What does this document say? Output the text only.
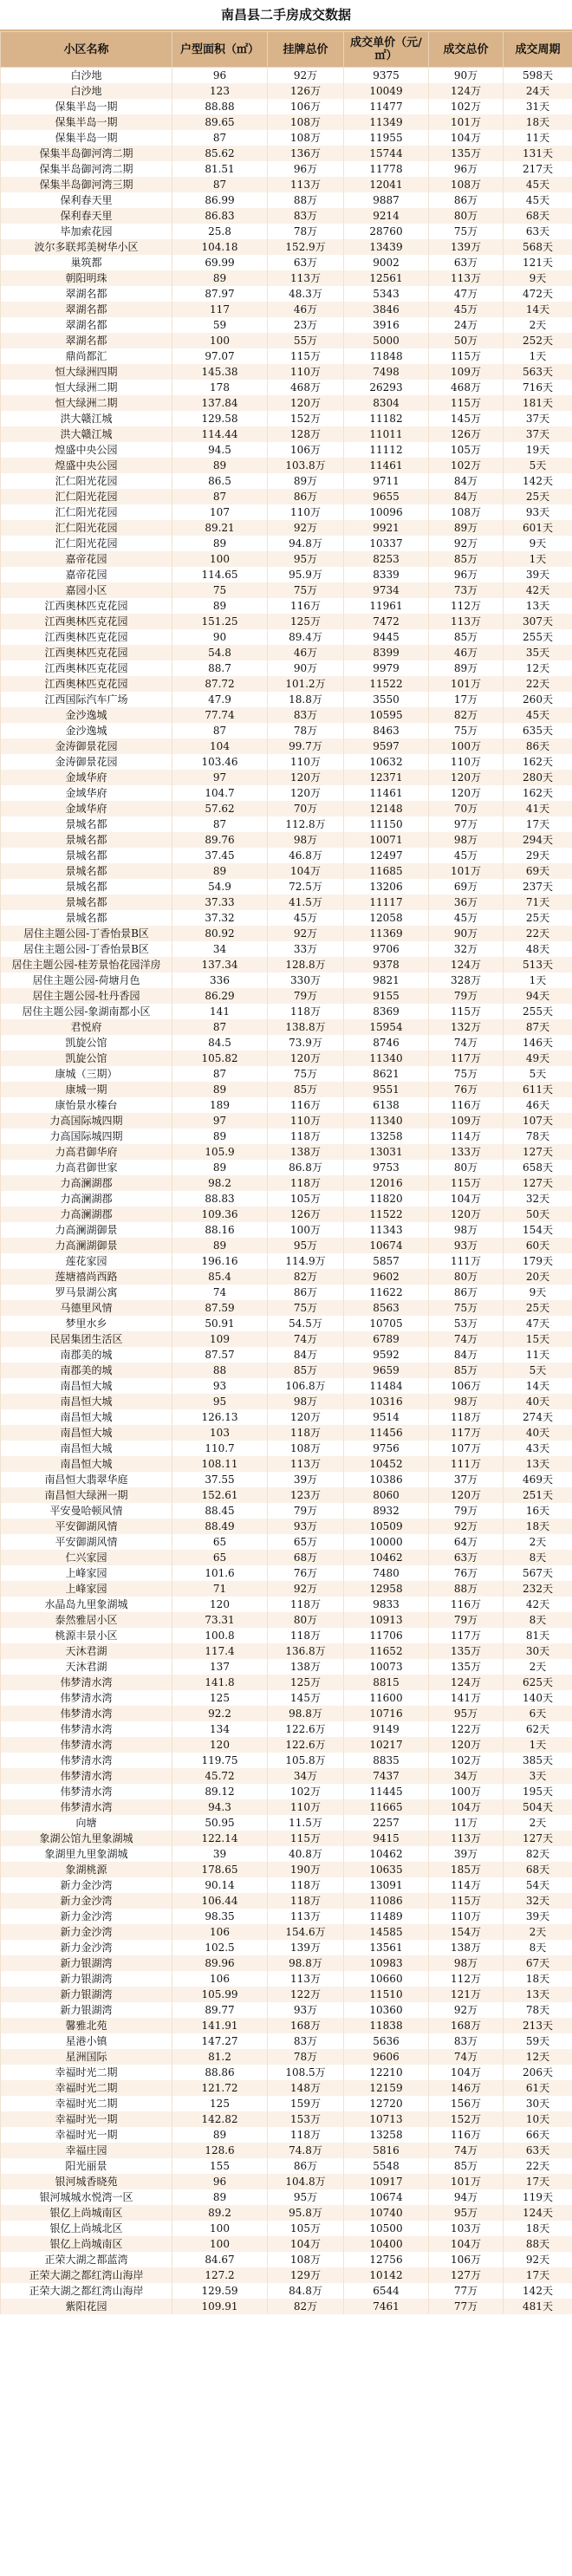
南昌县二手房成交数据
小区名称	户型面积（㎡）	挂牌总价	成交单价（元/㎡）	成交总价	成交周期
白沙地	96	92万	9375	90万	598天
白沙地	123	126万	10049	124万	24天
保集半岛一期	88.88	106万	11477	102万	31天
保集半岛一期	89.65	108万	11349	101万	18天
保集半岛一期	87	108万	11955	104万	11天
保集半岛御河湾二期	85.62	136万	15744	135万	131天
保集半岛御河湾二期	81.51	96万	11778	96万	217天
保集半岛御河湾三期	87	113万	12041	108万	45天
保利春天里	86.99	88万	9887	86万	45天
保利春天里	86.83	83万	9214	80万	68天
毕加索花园	25.8	78万	28760	75万	63天
波尔多联邦美树华小区	104.18	152.9万	13439	139万	568天
巢筑都	69.99	63万	9002	63万	121天
朝阳明珠	89	113万	12561	113万	9天
翠湖名都	87.97	48.3万	5343	47万	472天
翠湖名都	117	46万	3846	45万	14天
翠湖名都	59	23万	3916	24万	2天
翠湖名都	100	55万	5000	50万	252天
鼎尚都汇	97.07	115万	11848	115万	1天
恒大绿洲四期	145.38	110万	7498	109万	563天
恒大绿洲二期	178	468万	26293	468万	716天
恒大绿洲二期	137.84	120万	8304	115万	181天
洪大赣江城	129.58	152万	11182	145万	37天
洪大赣江城	114.44	128万	11011	126万	37天
煌盛中央公园	94.5	106万	11112	105万	19天
煌盛中央公园	89	103.8万	11461	102万	5天
汇仁阳光花园	86.5	89万	9711	84万	142天
汇仁阳光花园	87	86万	9655	84万	25天
汇仁阳光花园	107	110万	10096	108万	93天
汇仁阳光花园	89.21	92万	9921	89万	601天
汇仁阳光花园	89	94.8万	10337	92万	9天
嘉帝花园	100	95万	8253	85万	1天
嘉帝花园	114.65	95.9万	8339	96万	39天
嘉园小区	75	75万	9734	73万	42天
江西奥林匹克花园	89	116万	11961	112万	13天
江西奥林匹克花园	151.25	125万	7472	113万	307天
江西奥林匹克花园	90	89.4万	9445	85万	255天
江西奥林匹克花园	54.8	46万	8399	46万	35天
江西奥林匹克花园	88.7	90万	9979	89万	12天
江西奥林匹克花园	87.72	101.2万	11522	101万	22天
江西国际汽车广场	47.9	18.8万	3550	17万	260天
金沙逸城	77.74	83万	10595	82万	45天
金沙逸城	87	78万	8463	75万	635天
金涛御景花园	104	99.7万	9597	100万	86天
金涛御景花园	103.46	110万	10632	110万	162天
金域华府	97	120万	12371	120万	280天
金域华府	104.7	120万	11461	120万	162天
金域华府	57.62	70万	12148	70万	41天
景城名都	87	112.8万	11150	97万	17天
景城名都	89.76	98万	10071	98万	294天
景城名都	37.45	46.8万	12497	45万	29天
景城名都	89	104万	11685	101万	69天
景城名都	54.9	72.5万	13206	69万	237天
景城名都	37.33	41.5万	11117	36万	71天
景城名都	37.32	45万	12058	45万	25天
居住主题公园-丁香怡景B区	80.92	92万	11369	90万	22天
居住主题公园-丁香怡景B区	34	33万	9706	32万	48天
居住主题公园-桂芳景怡花园洋房	137.34	128.8万	9378	124万	513天
居住主题公园-荷塘月色	336	330万	9821	328万	1天
居住主题公园-牡丹香园	86.29	79万	9155	79万	94天
居住主题公园-象湖南都小区	141	118万	8369	115万	255天
君悦府	87	138.8万	15954	132万	87天
凯旋公馆	84.5	73.9万	8746	74万	146天
凯旋公馆	105.82	120万	11340	117万	49天
康城（三期）	87	75万	8621	75万	5天
康城一期	89	85万	9551	76万	611天
康怡景水榛台	189	116万	6138	116万	46天
力高国际城四期	97	110万	11340	109万	107天
力高国际城四期	89	118万	13258	114万	78天
力高君御华府	105.9	138万	13031	133万	127天
力高君御世家	89	86.8万	9753	80万	658天
力高澜湖郡	98.2	118万	12016	115万	127天
力高澜湖郡	88.83	105万	11820	104万	32天
力高澜湖郡	109.36	126万	11522	120万	50天
力高澜湖御景	88.16	100万	11343	98万	154天
力高澜湖御景	89	95万	10674	93万	60天
莲花家园	196.16	114.9万	5857	111万	179天
莲塘禧尚西路	85.4	82万	9602	80万	20天
罗马景湖公寓	74	86万	11622	86万	9天
马德里风情	87.59	75万	8563	75万	25天
梦里水乡	50.91	54.5万	10705	53万	47天
民居集团生活区	109	74万	6789	74万	15天
南郡美的城	87.57	84万	9592	84万	11天
南郡美的城	88	85万	9659	85万	5天
南昌恒大城	93	106.8万	11484	106万	14天
南昌恒大城	95	98万	10316	98万	40天
南昌恒大城	126.13	120万	9514	118万	274天
南昌恒大城	103	118万	11456	117万	40天
南昌恒大城	110.7	108万	9756	107万	43天
南昌恒大城	108.11	113万	10452	111万	13天
南昌恒大翡翠华庭	37.55	39万	10386	37万	469天
南昌恒大绿洲一期	152.61	123万	8060	120万	251天
平安曼哈顿风情	88.45	79万	8932	79万	16天
平安御湖风情	88.49	93万	10509	92万	18天
平安御湖风情	65	65万	10000	64万	2天
仁兴家园	65	68万	10462	63万	8天
上峰家园	101.6	76万	7480	76万	567天
上峰家园	71	92万	12958	88万	232天
水晶岛九里象湖城	120	118万	9833	116万	42天
泰然雅居小区	73.31	80万	10913	79万	8天
桃源丰景小区	100.8	118万	11706	117万	81天
天沐君湖	117.4	136.8万	11652	135万	30天
天沐君湖	137	138万	10073	135万	2天
伟梦清水湾	141.8	125万	8815	124万	625天
伟梦清水湾	125	145万	11600	141万	140天
伟梦清水湾	92.2	98.8万	10716	95万	6天
伟梦清水湾	134	122.6万	9149	122万	62天
伟梦清水湾	120	122.6万	10217	120万	1天
伟梦清水湾	119.75	105.8万	8835	102万	385天
伟梦清水湾	45.72	34万	7437	34万	3天
伟梦清水湾	89.12	102万	11445	100万	195天
伟梦清水湾	94.3	110万	11665	104万	504天
向塘	50.95	11.5万	2257	11万	2天
象湖公馆九里象湖城	122.14	115万	9415	113万	127天
象湖里九里象湖城	39	40.8万	10462	39万	82天
象湖桃源	178.65	190万	10635	185万	68天
新力金沙湾	90.14	118万	13091	114万	54天
新力金沙湾	106.44	118万	11086	115万	32天
新力金沙湾	98.35	113万	11489	110万	39天
新力金沙湾	106	154.6万	14585	154万	2天
新力金沙湾	102.5	139万	13561	138万	8天
新力银湖湾	89.96	98.8万	10983	98万	67天
新力银湖湾	106	113万	10660	112万	18天
新力银湖湾	105.99	122万	11510	121万	13天
新力银湖湾	89.77	93万	10360	92万	78天
馨雅北苑	141.91	168万	11838	168万	213天
星港小镇	147.27	83万	5636	83万	59天
星洲国际	81.2	78万	9606	74万	12天
幸福时光二期	88.86	108.5万	12210	104万	206天
幸福时光二期	121.72	148万	12159	146万	61天
幸福时光二期	125	159万	12720	156万	30天
幸福时光一期	142.82	153万	10713	152万	10天
幸福时光一期	89	118万	13258	116万	66天
幸福庄园	128.6	74.8万	5816	74万	63天
阳光丽景	155	86万	5548	85万	22天
银河城香晓苑	96	104.8万	10917	101万	17天
银河城城水悦湾一区	89	95万	10674	94万	119天
银亿上尚城南区	89.2	95.8万	10740	95万	124天
银亿上尚城北区	100	105万	10500	103万	18天
银亿上尚城南区	100	104万	10400	104万	88天
正荣大湖之都蓝湾	84.67	108万	12756	106万	92天
正荣大湖之都红湾山海岸	127.2	129万	10142	127万	17天
正荣大湖之都红湾山海岸	129.59	84.8万	6544	77万	142天
紫阳花园	109.91	82万	7461	77万	481天
